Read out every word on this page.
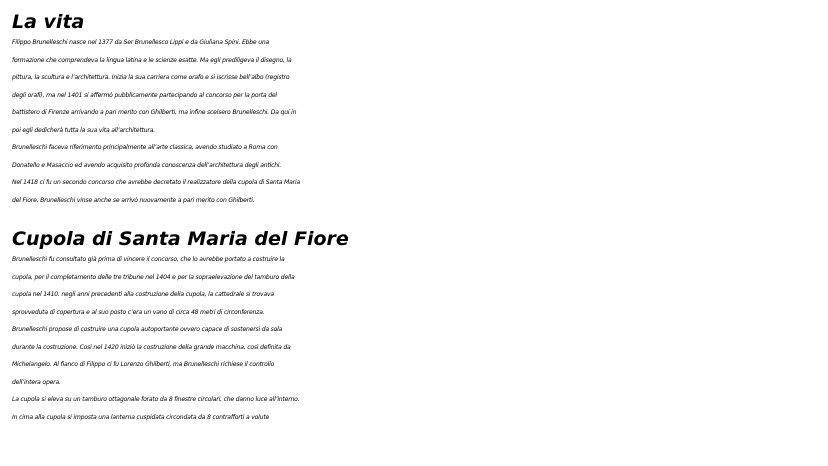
La vita

Filippo Brunelleschi nasce nel 1377 da Ser Brunellesco Lippi e da Giuliana Spini. Ebbe una

formazione che comprendeva la lingua latina e le scienze esatte. Ma egli prediligeva il disegno, la

pittura, la scultura e l’architettura. Inizia la sua carriera come orafo e si iscrisse bell’albo (registro

degli orafi), ma nel 1401 si affermò pubblicamente partecipando al concorso per la porta del

battistero di Firenze arrivando a pari merito con Ghilberti, ma infine scelsero Brunelleschi. Da qui in

poi egli dedicherà tutta la sua vita all’architettura.

Brunelleschi faceva riferimento principalmente all’arte classica, avendo studiato a Roma con

Donatello e Masaccio ed avendo acquisito profonda conoscenza dell’architettura degli antichi.

Nel 1418 ci fu un secondo concorso che avrebbe decretato il realizzatore della cupola di Santa Maria

del Fiore. Brunelleschi vinse anche se arrivò nuovamente a pari merito con Ghilberti.

Cupola di Santa Maria del Fiore

Brunelleschi fu consultato già prima di vincere il concorso, che lo avrebbe portato a costruire la

cupola, per il completamento delle tre tribune nel 1404 e per la sopraelevazione del tamburo della

cupola nel 1410. negli anni precedenti alla costruzione della cupola, la cattedrale si trovava

sprovveduta di copertura e al suo posto c’era un vano di circa 48 metri di circonferenza.

Brunelleschi propose di costruire una cupola autoportante ovvero capace di sostenersi da sola

durante la costruzione. Così nel 1420 iniziò la costruzione della grande macchina, così definita da

Michelangelo. Al fianco di Filippo ci fu Lorenzo Ghilberti, ma Brunelleschi richiese il controllo

dell’intera opera.

La cupola si eleva su un tamburo ottagonale forato da 8 finestre circolari, che danno luce all’interno.

In cima alla cupola si imposta una lanterna cuspidata circondata da 8 contrafforti a volute
